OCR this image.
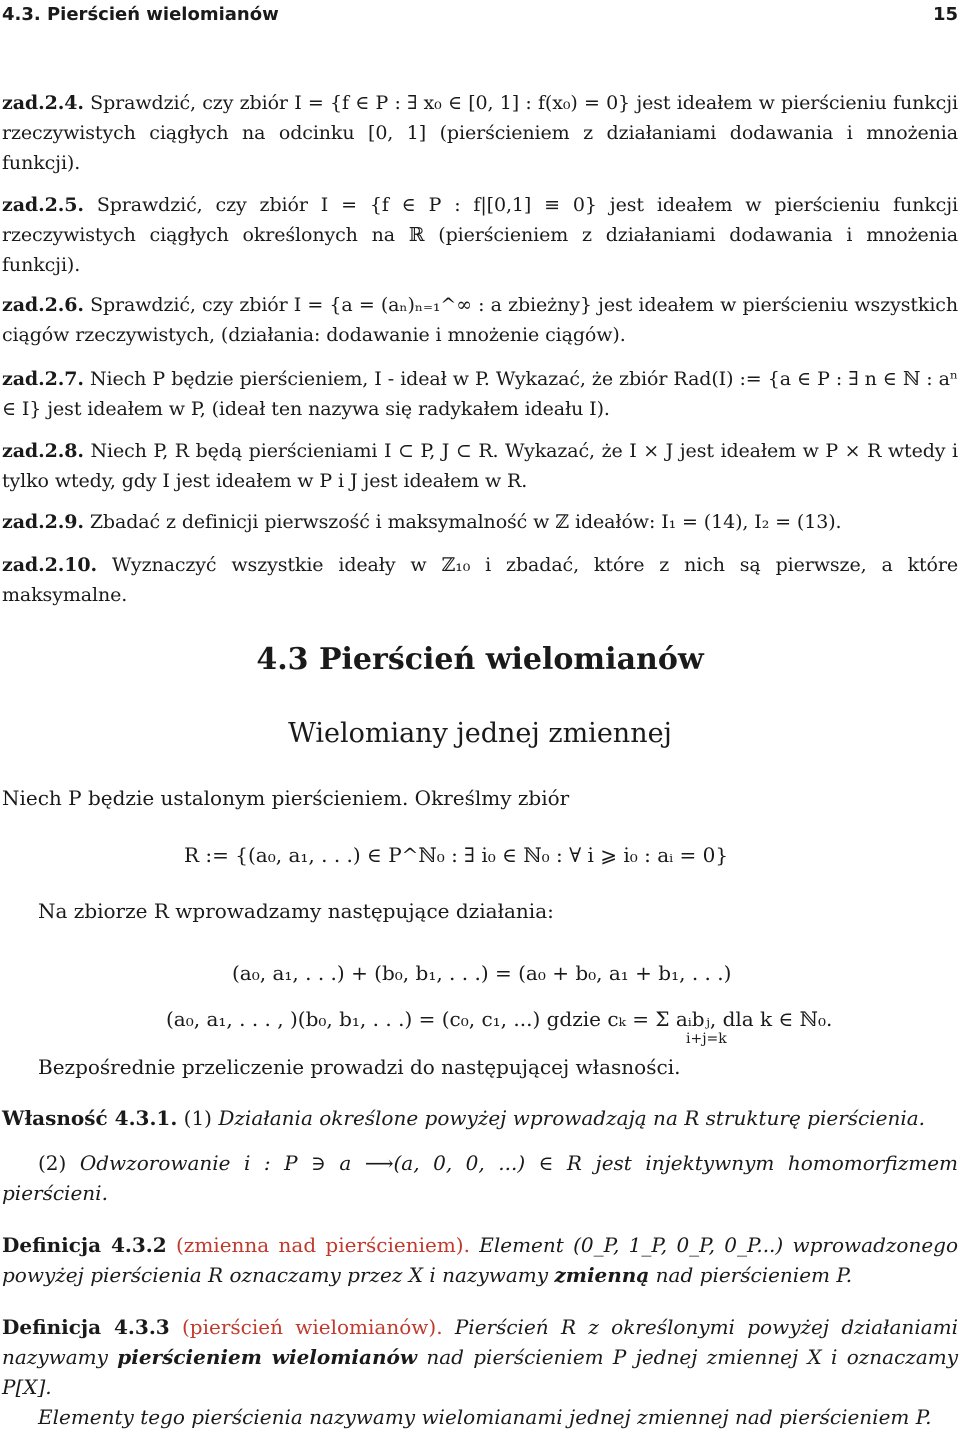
4.3. Pierścień wielomianów	15
zad.2.4. Sprawdzić, czy zbiór I = {f ∈ P : ∃ x₀ ∈ [0, 1] : f(x₀) = 0} jest ideałem w pierścieniu funkcji rzeczywistych ciągłych na odcinku [0, 1] (pierścieniem z działaniami dodawania i mnożenia funkcji).
zad.2.5. Sprawdzić, czy zbiór I = {f ∈ P : f|[0,1] ≡ 0} jest ideałem w pierścieniu funkcji rzeczywistych ciągłych określonych na ℝ (pierścieniem z działaniami dodawania i mnożenia funkcji).
zad.2.6. Sprawdzić, czy zbiór I = {a = (aₙ)ₙ₌₁^∞ : a zbieżny} jest ideałem w pierścieniu wszystkich ciągów rzeczywistych, (działania: dodawanie i mnożenie ciągów).
zad.2.7. Niech P będzie pierścieniem, I - ideał w P. Wykazać, że zbiór Rad(I) := {a ∈ P : ∃ n ∈ ℕ : aⁿ ∈ I} jest ideałem w P, (ideał ten nazywa się radykałem ideału I).
zad.2.8. Niech P, R będą pierścieniami I ⊂ P, J ⊂ R. Wykazać, że I × J jest ideałem w P × R wtedy i tylko wtedy, gdy I jest ideałem w P i J jest ideałem w R.
zad.2.9. Zbadać z definicji pierwszość i maksymalność w ℤ ideałów: I₁ = (14), I₂ = (13).
zad.2.10. Wyznaczyć wszystkie ideały w ℤ₁₀ i zbadać, które z nich są pierwsze, a które maksymalne.
4.3 Pierścień wielomianów
Wielomiany jednej zmiennej
Niech P będzie ustalonym pierścieniem. Określmy zbiór
R := {(a₀, a₁, . . .) ∈ P^ℕ₀ : ∃ i₀ ∈ ℕ₀ : ∀ i ⩾ i₀ : aᵢ = 0}
Na zbiorze R wprowadzamy następujące działania:
(a₀, a₁, . . .) + (b₀, b₁, . . .) = (a₀ + b₀, a₁ + b₁, . . .)
(a₀, a₁, . . . , )(b₀, b₁, . . .) = (c₀, c₁, ...) gdzie cₖ = Σ aᵢbⱼ, dla k ∈ ℕ₀.
i+j=k
Bezpośrednie przeliczenie prowadzi do następującej własności.
Własność 4.3.1. (1) Działania określone powyżej wprowadzają na R strukturę pierścienia.
(2) Odwzorowanie i : P ∋ a ⟶(a, 0, 0, ...) ∈ R jest injektywnym homomorfizmem pierścieni.
Definicja 4.3.2 (zmienna nad pierścieniem). Element (0_P, 1_P, 0_P, 0_P...) wprowadzonego powyżej pierścienia R oznaczamy przez X i nazywamy zmienną nad pierścieniem P.
Definicja 4.3.3 (pierścień wielomianów). Pierścień R z określonymi powyżej działaniami nazywamy pierścieniem wielomianów nad pierścieniem P jednej zmiennej X i oznaczamy P[X].
Elementy tego pierścienia nazywamy wielomianami jednej zmiennej nad pierścieniem P.
